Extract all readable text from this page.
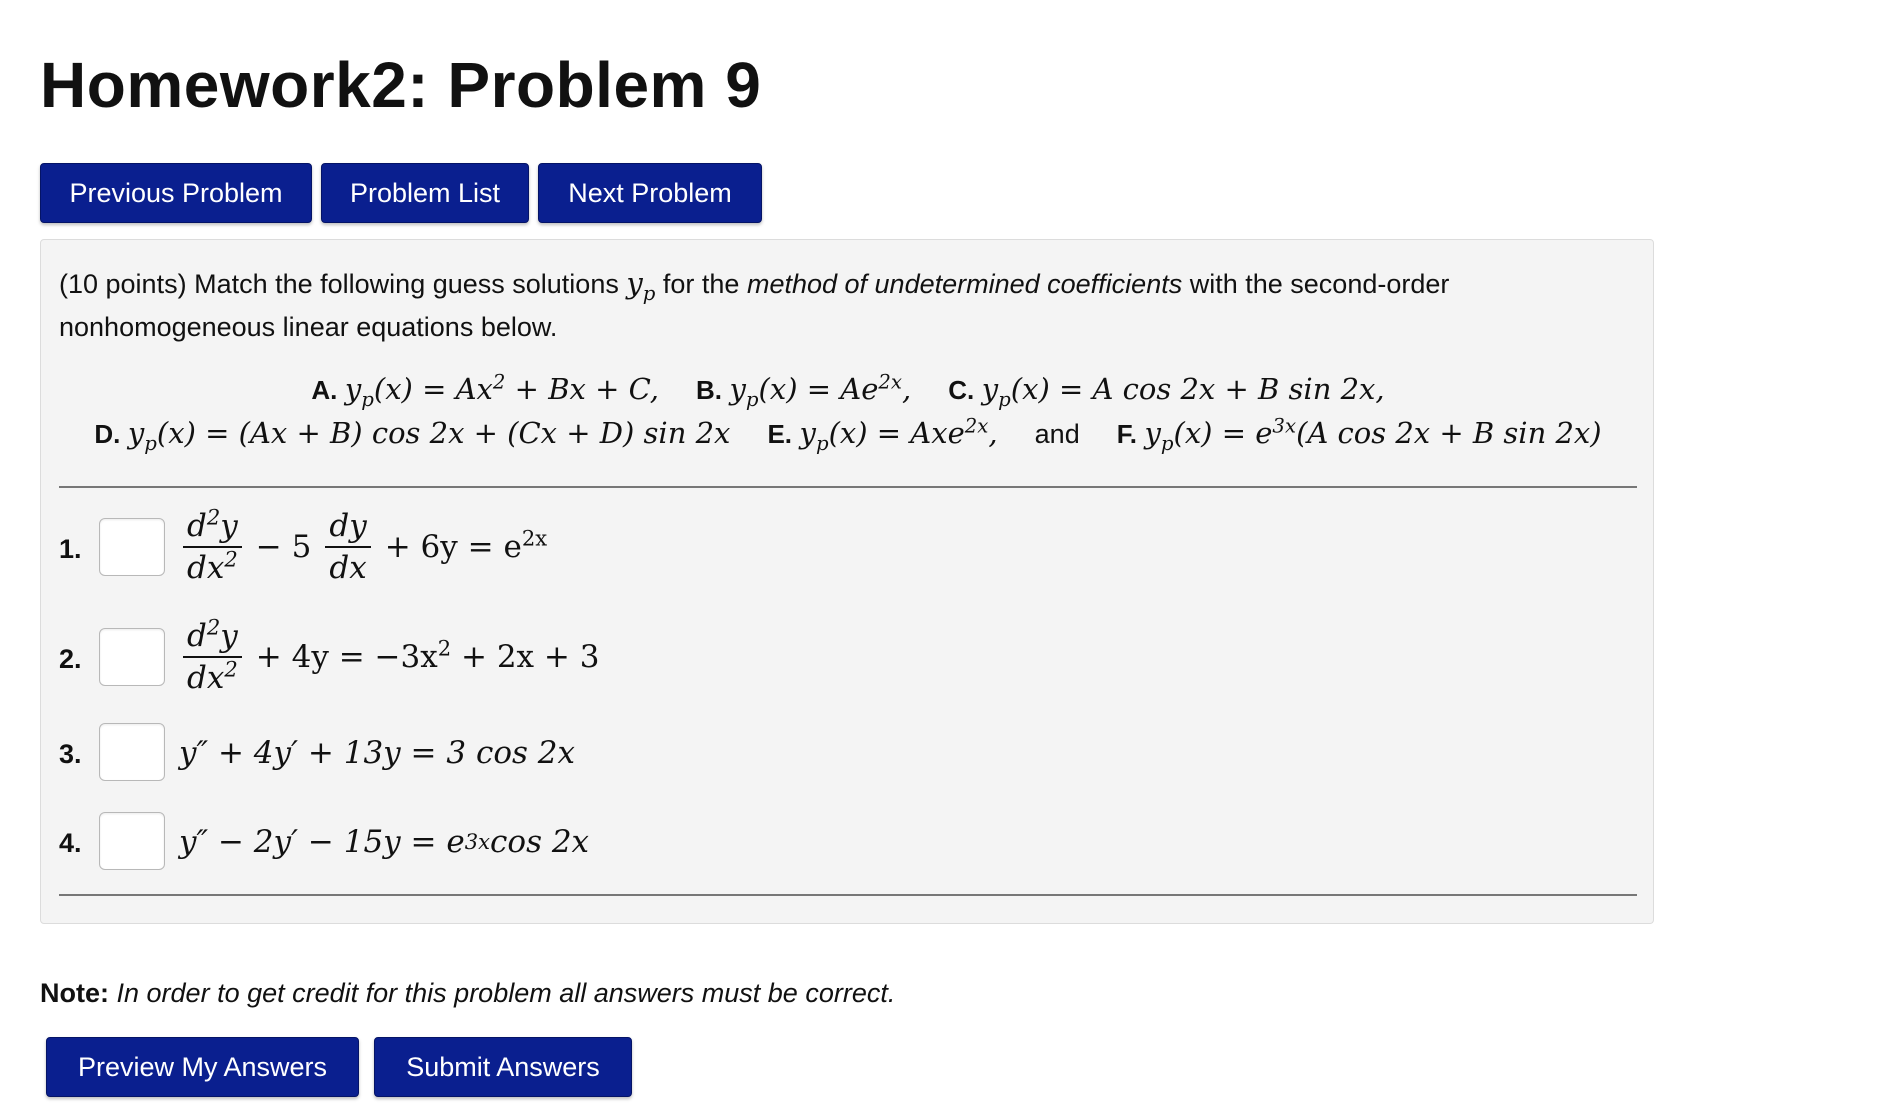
Homework2: Problem 9
Previous Problem	Problem List	Next Problem
(10 points) Match the following guess solutions $y_p$ for the method of undetermined coefficients with the second-order nonhomogeneous linear equations below.
A. $y_p(x) = Ax^2 + Bx + C$, B. $y_p(x) = Ae^{2x}$, C. $y_p(x) = A$ cos 2x + B sin 2x,
D. $y_p(x) = (Ax + B)$ cos 2x + (Cx + D) sin 2x E. $y_p(x) = Axe^{2x}$, and F. $y_p(x) = e^{3x}(A$ cos 2x + B sin 2x)
1.	$\frac{d^2y}{dx^2} - 5 \frac{dy}{dx} + 6y = e^{2x}$
2.	$\frac{d^2y}{dx^2} + 4y = -3x^2 + 2x + 3$
3.	y″ + 4y′ + 13y = 3 cos 2x
4.	y″ − 2y′ − 15y = e 3x cos 2x
Note: In order to get credit for this problem all answers must be correct.
Preview My Answers	Submit Answers
